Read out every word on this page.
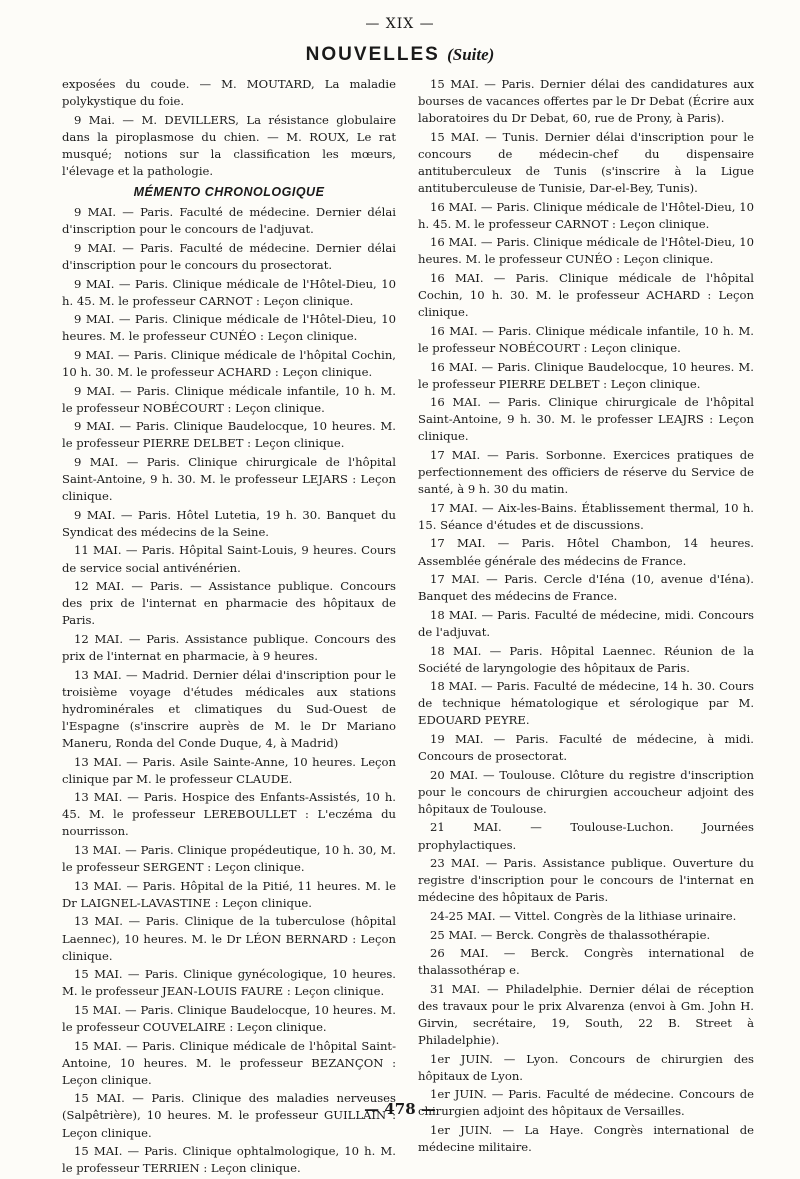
— XIX —
NOUVELLES (Suite)

exposées du coude. — M. MOUTARD, La maladie polykystique du foie.

9 Mai. — M. DEVILLERS, La résistance globulaire dans la piroplasmose du chien. — M. ROUX, Le rat musqué; notions sur la classification les mœurs, l'élevage et la pathologie.

MÉMENTO CHRONOLOGIQUE

9 MAI. — Paris. Faculté de médecine. Dernier délai d'inscription pour le concours de l'adjuvat.

9 MAI. — Paris. Faculté de médecine. Dernier délai d'inscription pour le concours du prosectorat.

9 MAI. — Paris. Clinique médicale de l'Hôtel-Dieu, 10 h. 45. M. le professeur CARNOT : Leçon clinique.

9 MAI. — Paris. Clinique médicale de l'Hôtel-Dieu, 10 heures. M. le professeur CUNÉO : Leçon clinique.

9 MAI. — Paris. Clinique médicale de l'hôpital Cochin, 10 h. 30. M. le professeur ACHARD : Leçon clinique.

9 MAI. — Paris. Clinique médicale infantile, 10 h. M. le professeur NOBÉCOURT : Leçon clinique.

9 MAI. — Paris. Clinique Baudelocque, 10 heures. M. le professeur PIERRE DELBET : Leçon clinique.

9 MAI. — Paris. Clinique chirurgicale de l'hôpital Saint-Antoine, 9 h. 30. M. le professeur LEJARS : Leçon clinique.

9 MAI. — Paris. Hôtel Lutetia, 19 h. 30. Banquet du Syndicat des médecins de la Seine.

11 MAI. — Paris. Hôpital Saint-Louis, 9 heures. Cours de service social antivénérien.

12 MAI. — Paris. — Assistance publique. Concours des prix de l'internat en pharmacie des hôpitaux de Paris.

12 MAI. — Paris. Assistance publique. Concours des prix de l'internat en pharmacie, à 9 heures.

13 MAI. — Madrid. Dernier délai d'inscription pour le troisième voyage d'études médicales aux stations hydrominérales et climatiques du Sud-Ouest de l'Espagne (s'inscrire auprès de M. le Dr Mariano Maneru, Ronda del Conde Duque, 4, à Madrid)

13 MAI. — Paris. Asile Sainte-Anne, 10 heures. Leçon clinique par M. le professeur CLAUDE.

13 MAI. — Paris. Hospice des Enfants-Assistés, 10 h. 45. M. le professeur LEREBOULLET : L'eczéma du nourrisson.

13 MAI. — Paris. Clinique propédeutique, 10 h. 30, M. le professeur SERGENT : Leçon clinique.

13 MAI. — Paris. Hôpital de la Pitié, 11 heures. M. le Dr LAIGNEL-LAVASTINE : Leçon clinique.

13 MAI. — Paris. Clinique de la tuberculose (hôpital Laennec), 10 heures. M. le Dr LÉON BERNARD : Leçon clinique.

15 MAI. — Paris. Clinique gynécologique, 10 heures. M. le professeur JEAN-LOUIS FAURE : Leçon clinique.

15 MAI. — Paris. Clinique Baudelocque, 10 heures. M. le professeur COUVELAIRE : Leçon clinique.

15 MAI. — Paris. Clinique médicale de l'hôpital Saint-Antoine, 10 heures. M. le professeur BEZANÇON : Leçon clinique.

15 MAI. — Paris. Clinique des maladies nerveuses (Salpêtrière), 10 heures. M. le professeur GUILLAIN : Leçon clinique.

15 MAI. — Paris. Clinique ophtalmologique, 10 h. M. le professeur TERRIEN : Leçon clinique.

15 MAI. — Paris. Dernier délai des candidatures aux bourses de vacances offertes par le Dr Debat (Écrire aux laboratoires du Dr Debat, 60, rue de Prony, à Paris).

15 MAI. — Tunis. Dernier délai d'inscription pour le concours de médecin-chef du dispensaire antituberculeux de Tunis (s'inscrire à la Ligue antituberculeuse de Tunisie, Dar-el-Bey, Tunis).

16 MAI. — Paris. Clinique médicale de l'Hôtel-Dieu, 10 h. 45. M. le professeur CARNOT : Leçon clinique.

16 MAI. — Paris. Clinique médicale de l'Hôtel-Dieu, 10 heures. M. le professeur CUNÉO : Leçon clinique.

16 MAI. — Paris. Clinique médicale de l'hôpital Cochin, 10 h. 30. M. le professeur ACHARD : Leçon clinique.

16 MAI. — Paris. Clinique médicale infantile, 10 h. M. le professeur NOBÉCOURT : Leçon clinique.

16 MAI. — Paris. Clinique Baudelocque, 10 heures. M. le professeur PIERRE DELBET : Leçon clinique.

16 MAI. — Paris. Clinique chirurgicale de l'hôpital Saint-Antoine, 9 h. 30. M. le professer LEAJRS : Leçon clinique.

17 MAI. — Paris. Sorbonne. Exercices pratiques de perfectionnement des officiers de réserve du Service de santé, à 9 h. 30 du matin.

17 MAI. — Aix-les-Bains. Établissement thermal, 10 h. 15. Séance d'études et de discussions.

17 MAI. — Paris. Hôtel Chambon, 14 heures. Assemblée générale des médecins de France.

17 MAI. — Paris. Cercle d'Iéna (10, avenue d'Iéna). Banquet des médecins de France.

18 MAI. — Paris. Faculté de médecine, midi. Concours de l'adjuvat.

18 MAI. — Paris. Hôpital Laennec. Réunion de la Société de laryngologie des hôpitaux de Paris.

18 MAI. — Paris. Faculté de médecine, 14 h. 30. Cours de technique hématologique et sérologique par M. EDOUARD PEYRE.

19 MAI. — Paris. Faculté de médecine, à midi. Concours de prosectorat.

20 MAI. — Toulouse. Clôture du registre d'inscription pour le concours de chirurgien accoucheur adjoint des hôpitaux de Toulouse.

21 MAI. — Toulouse-Luchon. Journées prophylactiques.

23 MAI. — Paris. Assistance publique. Ouverture du registre d'inscription pour le concours de l'internat en médecine des hôpitaux de Paris.

24-25 MAI. — Vittel. Congrès de la lithiase urinaire.

25 MAI. — Berck. Congrès de thalassothérapie.

26 MAI. — Berck. Congrès international de thalassothérap e.

31 MAI. — Philadelphie. Dernier délai de réception des travaux pour le prix Alvarenza (envoi à Gm. John H. Girvin, secrétaire, 19, South, 22 B. Street à Philadelphie).

1er JUIN. — Lyon. Concours de chirurgien des hôpitaux de Lyon.

1er JUIN. — Paris. Faculté de médecine. Concours de chirurgien adjoint des hôpitaux de Versailles.

1er JUIN. — La Haye. Congrès international de médecine militaire.

— 478 —
